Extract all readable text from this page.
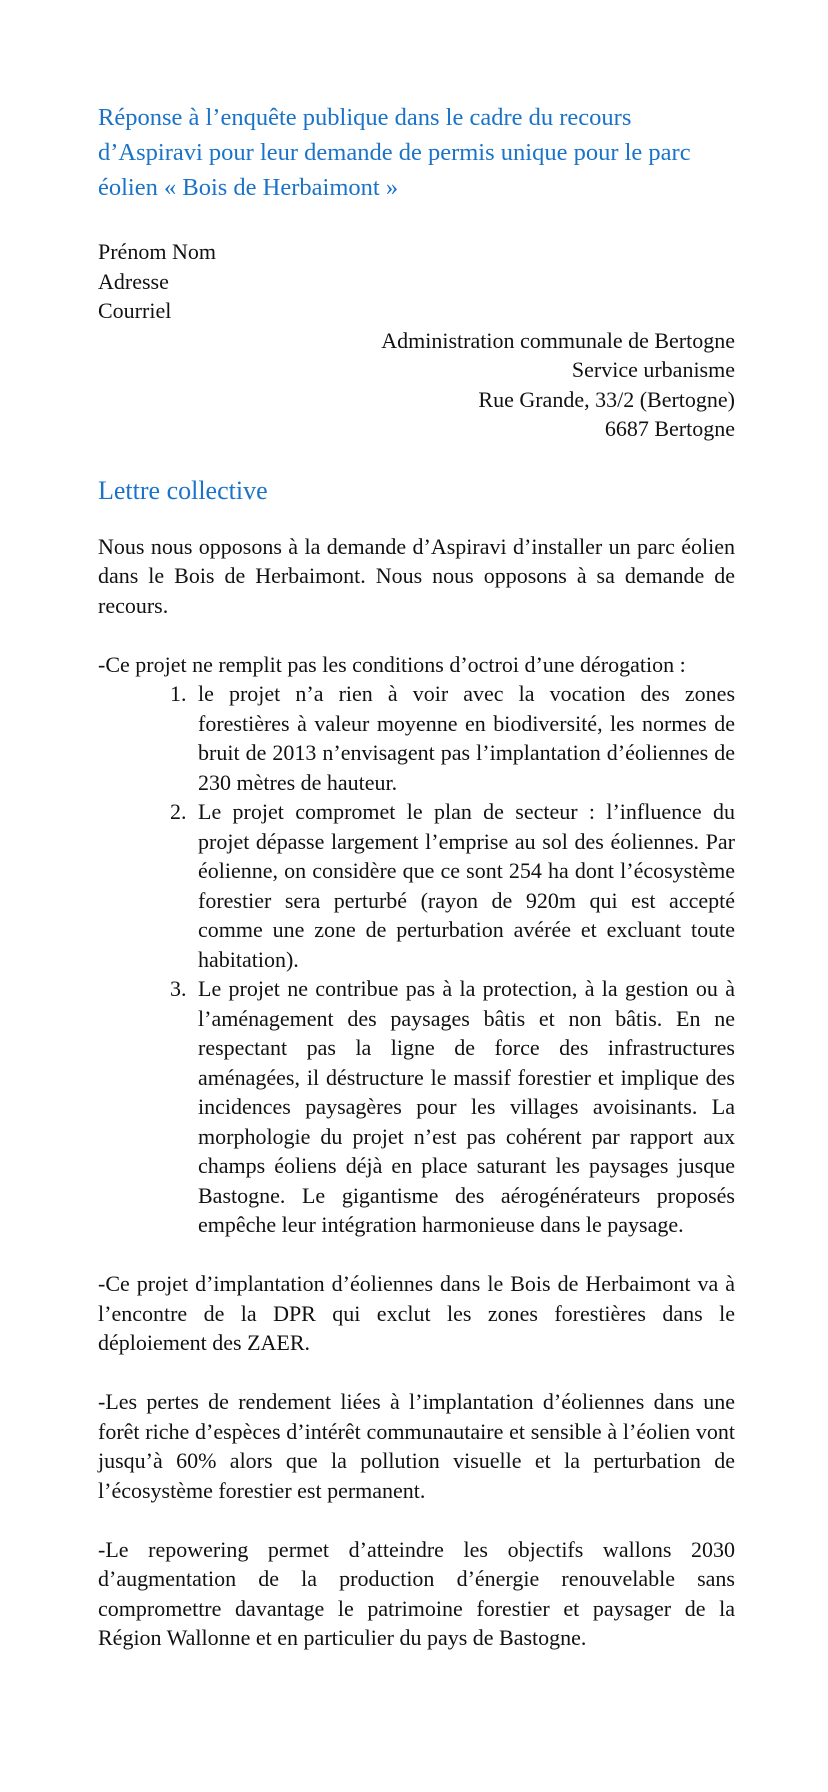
Réponse à l’enquête publique dans le cadre du recours d’Aspiravi pour leur demande de permis unique pour le parc éolien « Bois de Herbaimont »
Prénom Nom
Adresse
Courriel
Administration communale de Bertogne
Service urbanisme
Rue Grande, 33/2 (Bertogne)
6687 Bertogne
Lettre collective

Nous nous opposons à la demande d’Aspiravi d’installer un parc éolien dans le Bois de Herbaimont. Nous nous opposons à sa demande de recours.

-Ce projet ne remplit pas les conditions d’octroi d’une dérogation :

1. le projet n’a rien à voir avec la vocation des zones forestières à valeur moyenne en biodiversité, les normes de bruit de 2013 n’envisagent pas l’implantation d’éoliennes de 230 mètres de hauteur.
2. Le projet compromet le plan de secteur : l’influence du projet dépasse largement l’emprise au sol des éoliennes. Par éolienne, on considère que ce sont 254 ha dont l’écosystème forestier sera perturbé (rayon de 920m qui est accepté comme une zone de perturbation avérée et excluant toute habitation).
3. Le projet ne contribue pas à la protection, à la gestion ou à l’aménagement des paysages bâtis et non bâtis. En ne respectant pas la ligne de force des infrastructures aménagées, il déstructure le massif forestier et implique des incidences paysagères pour les villages avoisinants. La morphologie du projet n’est pas cohérent par rapport aux champs éoliens déjà en place saturant les paysages jusque Bastogne. Le gigantisme des aérogénérateurs proposés empêche leur intégration harmonieuse dans le paysage.

-Ce projet d’implantation d’éoliennes dans le Bois de Herbaimont va à l’encontre de la DPR qui exclut les zones forestières dans le déploiement des ZAER.

-Les pertes de rendement liées à l’implantation d’éoliennes dans une forêt riche d’espèces d’intérêt communautaire et sensible à l’éolien vont jusqu’à 60% alors que la pollution visuelle et la perturbation de l’écosystème forestier est permanent.

-Le repowering permet d’atteindre les objectifs wallons 2030 d’augmentation de la production d’énergie renouvelable sans compromettre davantage le patrimoine forestier et paysager de la Région Wallonne et en particulier du pays de Bastogne.
